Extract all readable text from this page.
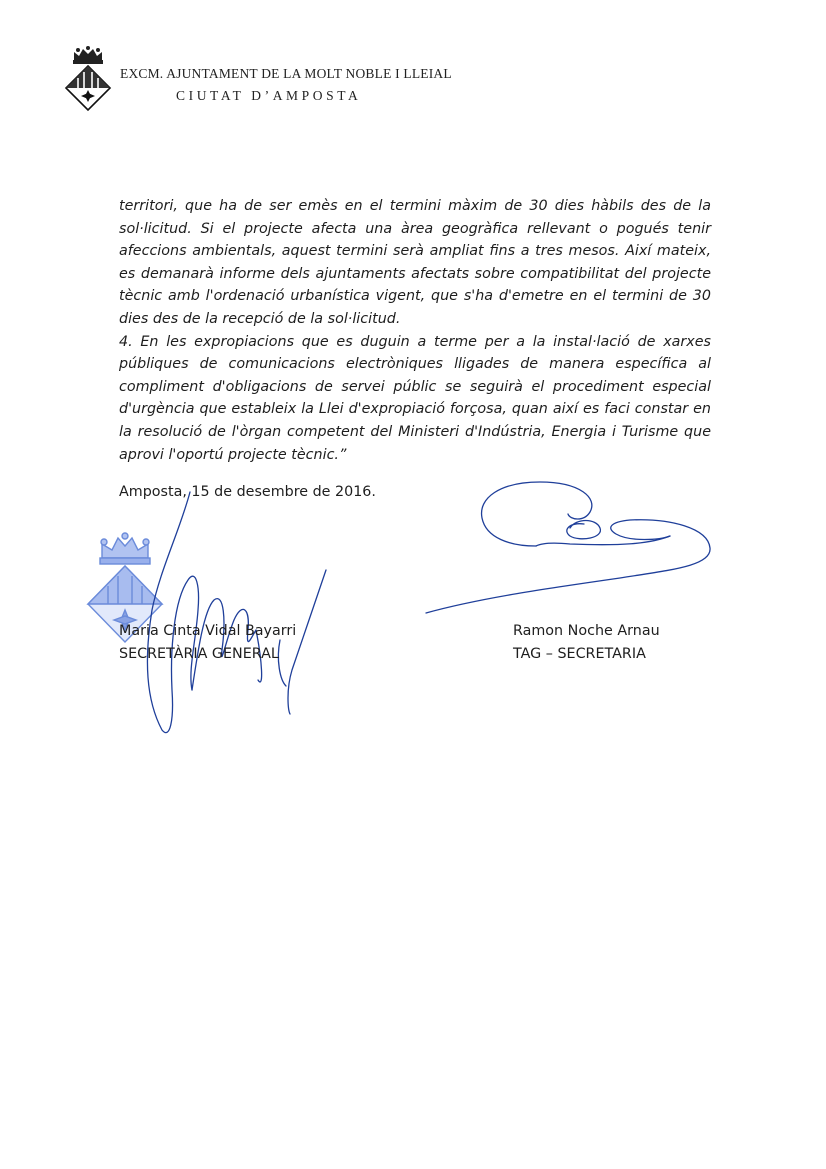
EXCM. AJUNTAMENT DE LA MOLT NOBLE I LLEIAL
CIUTAT D’AMPOSTA

territori, que ha de ser emès en el termini màxim de 30 dies hàbils des de la sol·licitud. Si el projecte afecta una àrea geogràfica rellevant o pogués tenir afeccions ambientals, aquest termini serà ampliat fins a tres mesos. Així mateix, es demanarà informe dels ajuntaments afectats sobre compatibilitat del projecte tècnic amb l'ordenació urbanística vigent, que s'ha d'emetre en el termini de 30 dies des de la recepció de la sol·licitud.

4. En les expropiacions que es duguin a terme per a la instal·lació de xarxes públiques de comunicacions electròniques lligades de manera específica al compliment d'obligacions de servei públic se seguirà el procediment especial d'urgència que estableix la Llei d'expropiació forçosa, quan així es faci constar en la resolució de l'òrgan competent del Ministeri d'Indústria, Energia i Turisme que aprovi l'oportú projecte tècnic.”

Amposta, 15 de desembre de 2016.
Maria Cinta Vidal Bayarri
SECRETÀRIA GENERAL
Ramon Noche Arnau
TAG – SECRETARIA
